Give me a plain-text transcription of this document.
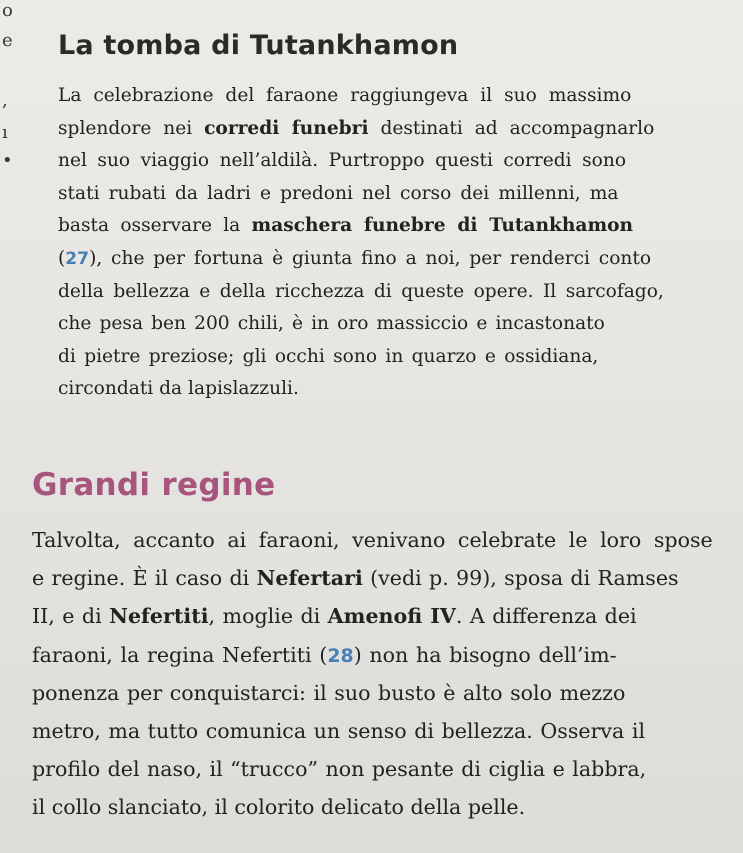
o
e
,
ı
•
La tomba di Tutankhamon
La celebrazione del faraone raggiungeva il suo massimo
splendore nei corredi funebri destinati ad accompagnarlo
nel suo viaggio nell’aldilà. Purtroppo questi corredi sono
stati rubati da ladri e predoni nel corso dei millenni, ma
basta osservare la maschera funebre di Tutankhamon
(27), che per fortuna è giunta fino a noi, per renderci conto
della bellezza e della ricchezza di queste opere. Il sarcofago,
che pesa ben 200 chili, è in oro massiccio e incastonato
di pietre preziose; gli occhi sono in quarzo e ossidiana,
circondati da lapislazzuli.
Grandi regine
Talvolta, accanto ai faraoni, venivano celebrate le loro spose
e regine. È il caso di Nefertari (vedi p. 99), sposa di Ramses
II, e di Nefertiti, moglie di Amenofi IV. A differenza dei
faraoni, la regina Nefertiti (28) non ha bisogno dell’im-
ponenza per conquistarci: il suo busto è alto solo mezzo
metro, ma tutto comunica un senso di bellezza. Osserva il
profilo del naso, il “trucco” non pesante di ciglia e labbra,
il collo slanciato, il colorito delicato della pelle.
